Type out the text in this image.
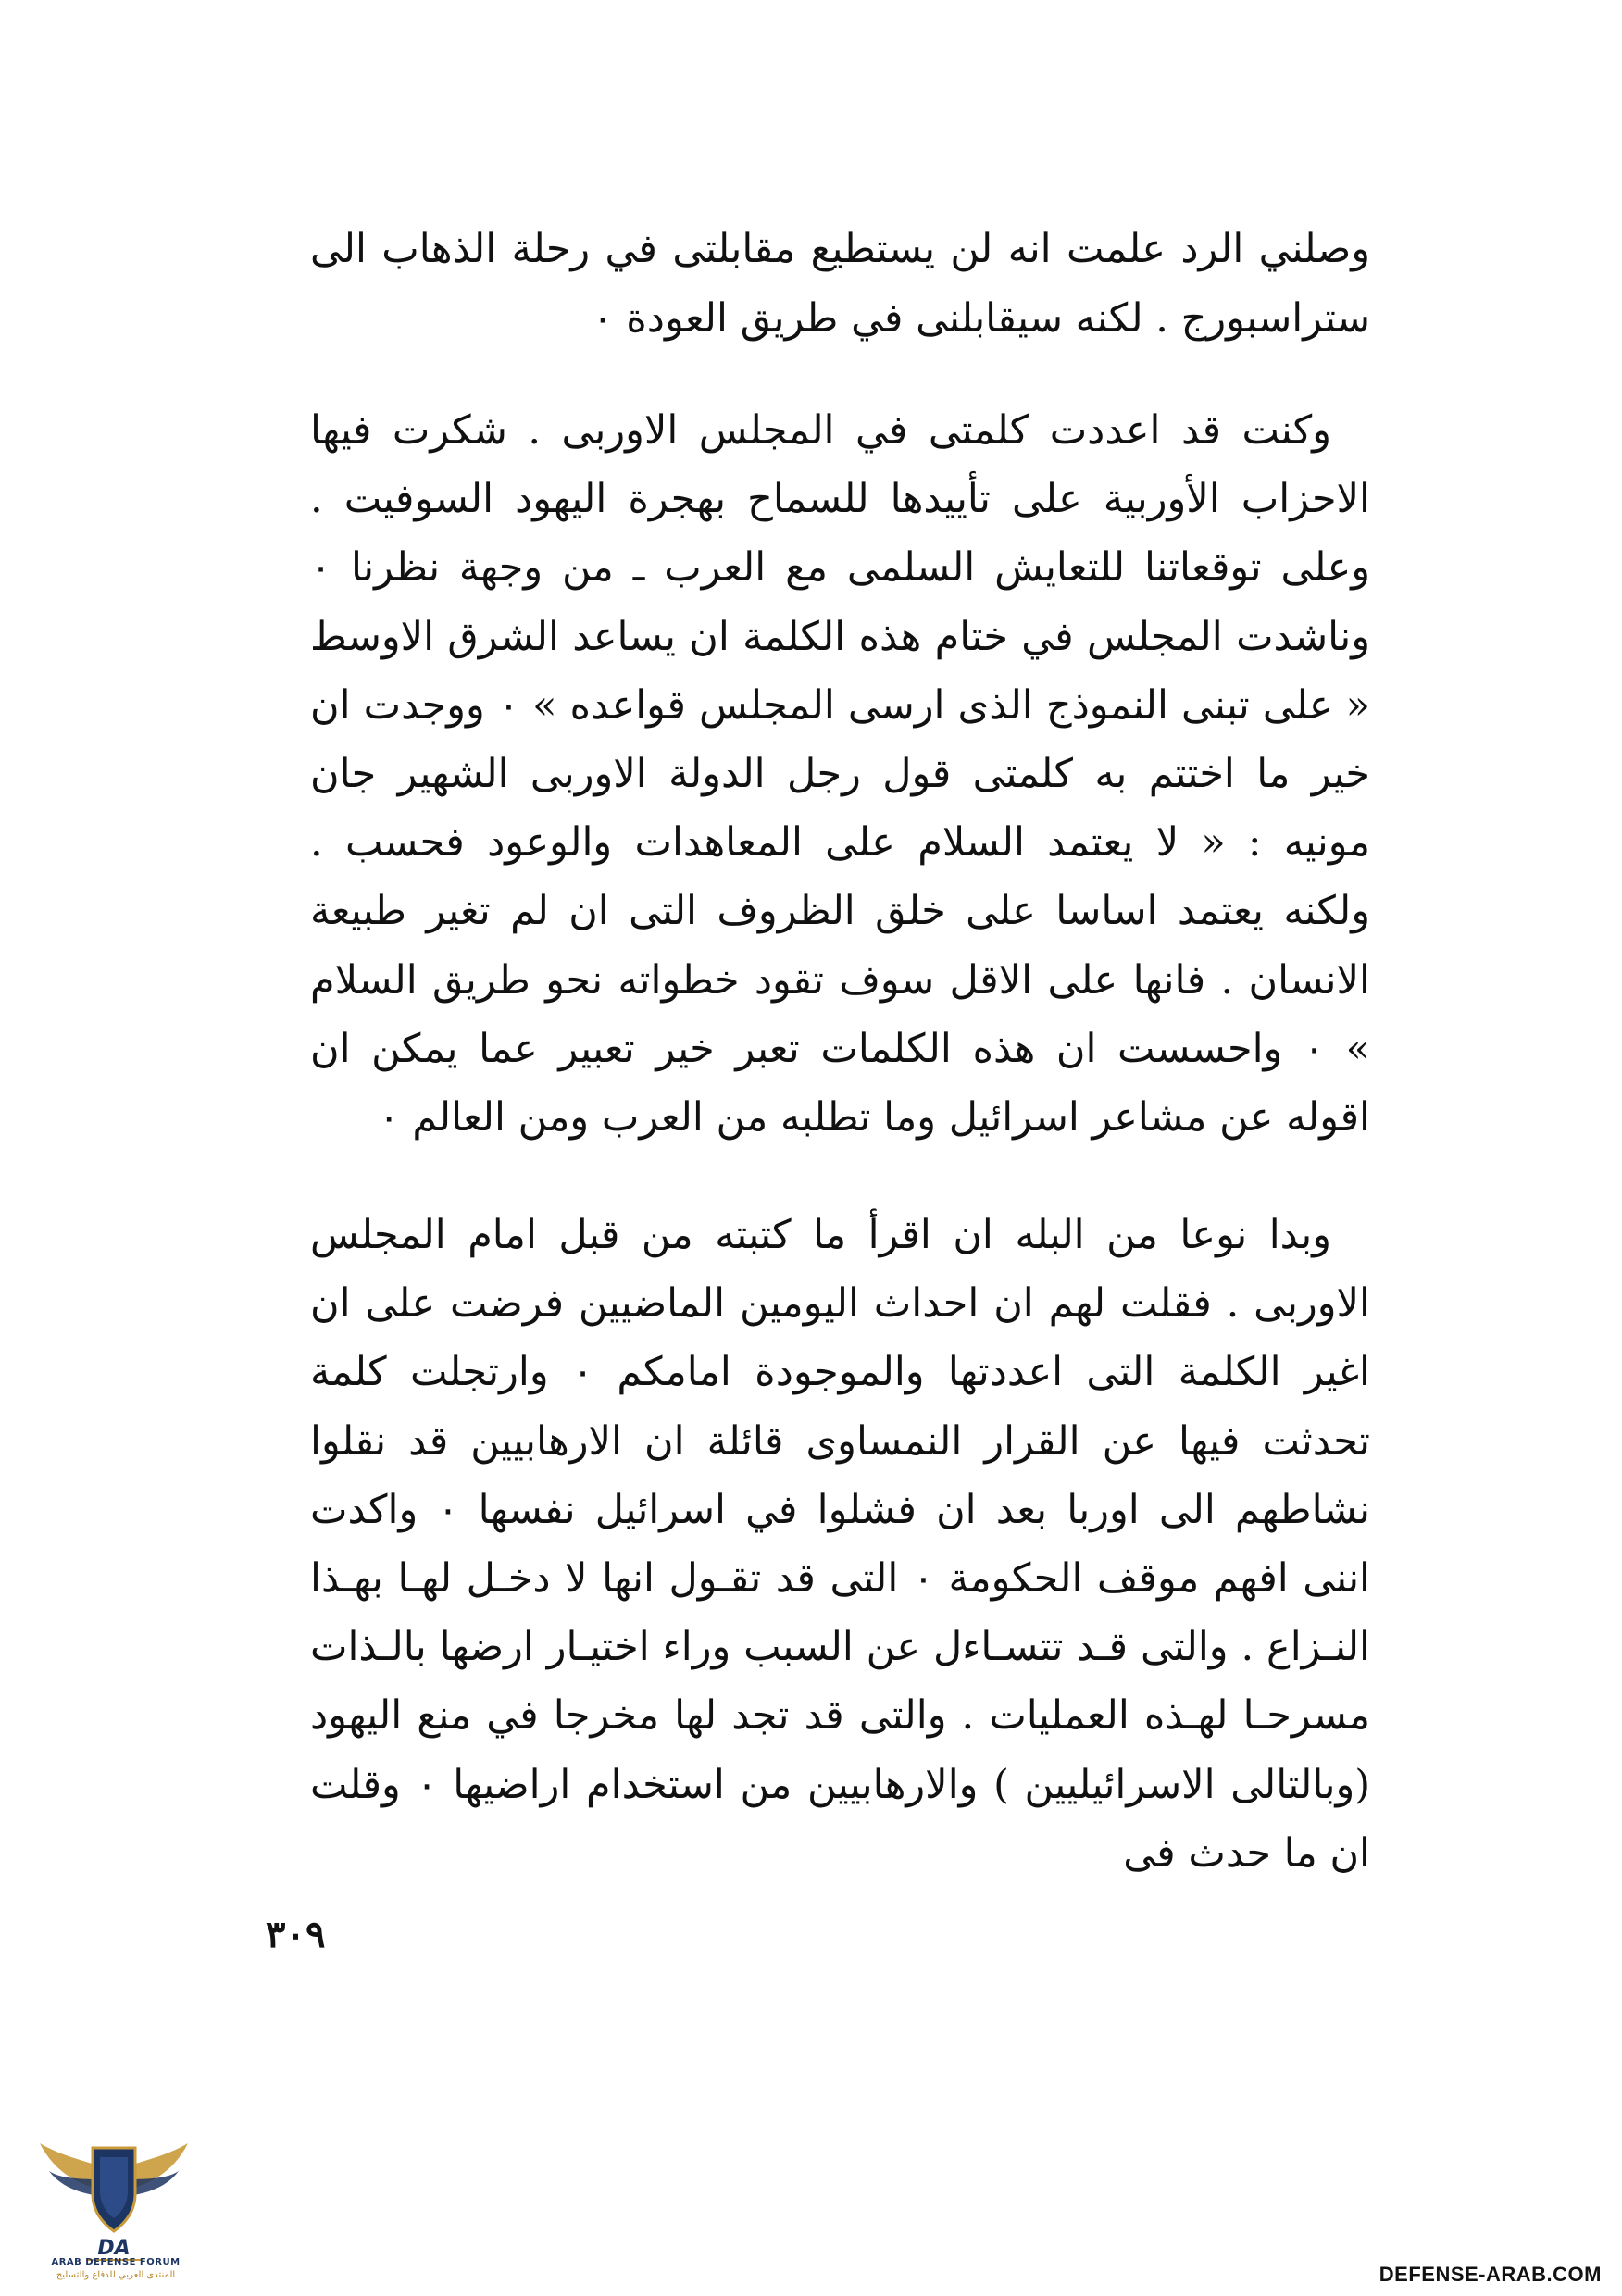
وصلني الرد علمت انه لن يستطيع مقابلتى في رحلة الذهاب الى ستراسبورج . لكنه سيقابلنى في طريق العودة ٠

وكنت قد اعددت كلمتى في المجلس الاوربى . شكرت فيها الاحزاب الأوربية على تأييدها للسماح بهجرة اليهود السوفيت . وعلى توقعاتنا للتعايش السلمى مع العرب ـ من وجهة نظرنا ٠ وناشدت المجلس في ختام هذه الكلمة ان يساعد الشرق الاوسط « على تبنى النموذج الذى ارسى المجلس قواعده » ٠ ووجدت ان خير ما اختتم به كلمتى قول رجل الدولة الاوربى الشهير جان مونيه : « لا يعتمد السلام على المعاهدات والوعود فحسب . ولكنه يعتمد اساسا على خلق الظروف التى ان لم تغير طبيعة الانسان . فانها على الاقل سوف تقود خطواته نحو طريق السلام » ٠ واحسست ان هذه الكلمات تعبر خير تعبير عما يمكن ان اقوله عن مشاعر اسرائيل وما تطلبه من العرب ومن العالم ٠

وبدا نوعا من البله ان اقرأ ما كتبته من قبل امام المجلس الاوربى . فقلت لهم ان احداث اليومين الماضيين فرضت على ان اغير الكلمة التى اعددتها والموجودة امامكم ٠ وارتجلت كلمة تحدثت فيها عن القرار النمساوى قائلة ان الارهابيين قد نقلوا نشاطهم الى اوربا بعد ان فشلوا في اسرائيل نفسها ٠ واكدت اننى افهم موقف الحكومة ٠ التى قد تقـول انها لا دخـل لهـا بهـذا النـزاع . والتى قـد تتسـاءل عن السبب وراء اختيـار ارضها بالـذات مسرحـا لهـذه العمليات . والتى قد تجد لها مخرجا في منع اليهود (وبالتالى الاسرائيليين ) والارهابيين من استخدام اراضيها ٠ وقلت ان ما حدث فى

٣٠٩
DA
ARAB DEFENSE FORUM
المنتدى العربي للدفاع والتسليح	DEFENSE-ARAB.COM
